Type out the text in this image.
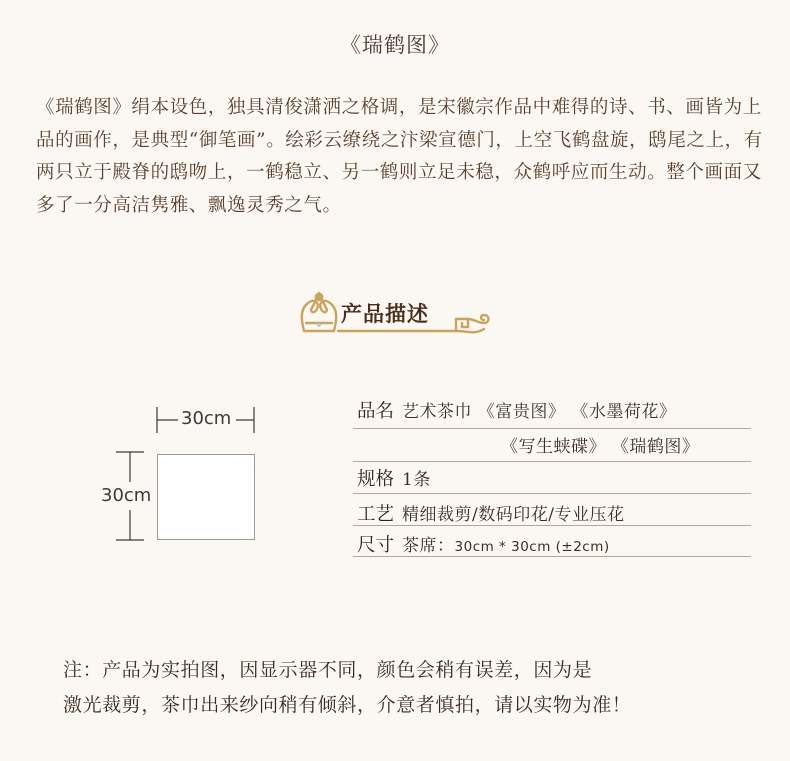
《瑞鹤图》
《瑞鹤图》绢本设色，独具清俊潇洒之格调，是宋徽宗作品中难得的诗、书、画皆为上品的画作，是典型“御笔画”。绘彩云缭绕之汴梁宣德门，上空飞鹤盘旋，鸱尾之上，有两只立于殿脊的鸱吻上，一鹤稳立、另一鹤则立足未稳，众鹤呼应而生动。整个画面又多了一分高洁隽雅、飘逸灵秀之气。
产品描述
30cm
30cm
品名 艺术茶巾 《富贵图》 《水墨荷花》
《写生蛱碟》 《瑞鹤图》
规格 1条
工艺 精细裁剪/数码印花/专业压花
尺寸 茶席：30cm * 30cm (±2cm)

注：产品为实拍图，因显示器不同，颜色会稍有误差，因为是

激光裁剪，茶巾出来纱向稍有倾斜，介意者慎拍，请以实物为准！
